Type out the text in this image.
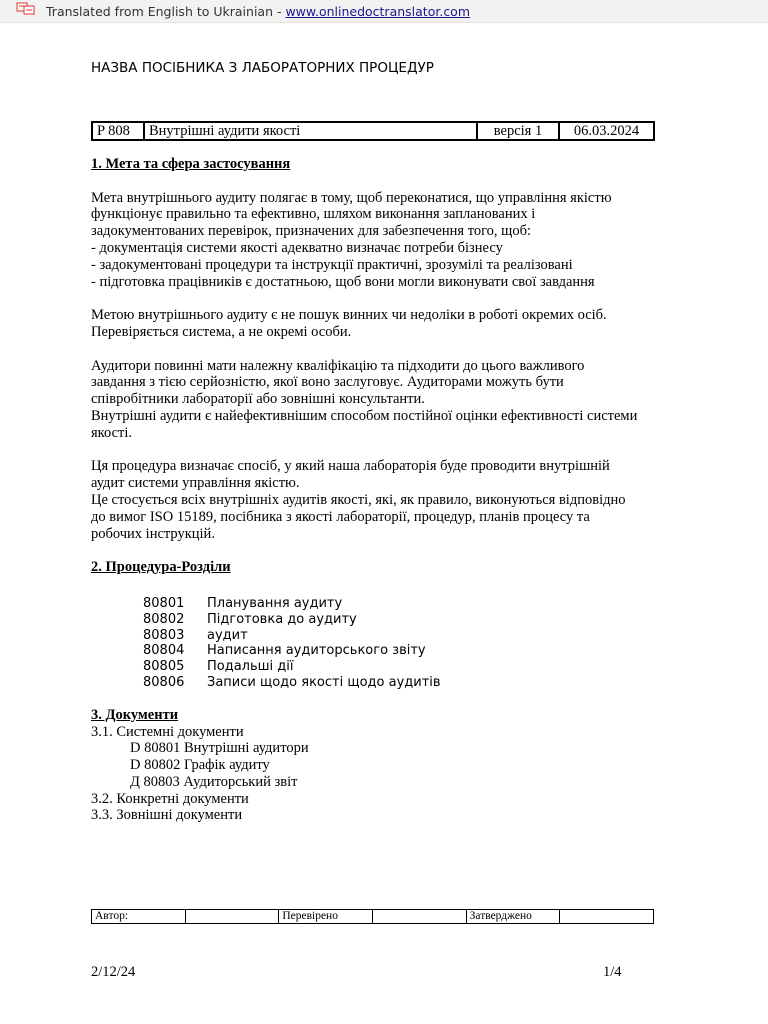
Translated from English to Ukrainian - www.onlinedoctranslator.com
НАЗВА ПОСІБНИКА З ЛАБОРАТОРНИХ ПРОЦЕДУР
P 808	Внутрішні аудити якості	версія 1	06.03.2024
1. Мета та сфера застосування

Мета внутрішнього аудиту полягає в тому, щоб переконатися, що управління якістю

функціонує правильно та ефективно, шляхом виконання запланованих і

задокументованих перевірок, призначених для забезпечення того, щоб:

- документація системи якості адекватно визначає потреби бізнесу

- задокументовані процедури та інструкції практичні, зрозумілі та реалізовані

- підготовка працівників є достатньою, щоб вони могли виконувати свої завдання

Метою внутрішнього аудиту є не пошук винних чи недоліки в роботі окремих осіб.

Перевіряється система, а не окремі особи.

Аудитори повинні мати належну кваліфікацію та підходити до цього важливого

завдання з тією серйозністю, якої воно заслуговує. Аудиторами можуть бути

співробітники лабораторії або зовнішні консультанти.

Внутрішні аудити є найефективнішим способом постійної оцінки ефективності системи

якості.

Ця процедура визначає спосіб, у який наша лабораторія буде проводити внутрішній

аудит системи управління якістю.

Це стосується всіх внутрішніх аудитів якості, які, як правило, виконуються відповідно

до вимог ISO 15189, посібника з якості лабораторії, процедур, планів процесу та

робочих інструкцій.

2. Процедура-Розділи
80801	Планування аудиту
80802	Підготовка до аудиту
80803	аудит
80804	Написання аудиторського звіту
80805	Подальші дії
80806	Записи щодо якості щодо аудитів
3. Документи

3.1. Системні документи

D 80801 Внутрішні аудитори

D 80802 Графік аудиту

Д 80803 Аудиторський звіт

3.2. Конкретні документи

3.3. Зовнішні документи

Автор:		Перевірено		Затверджено	
2/12/24	1/4
